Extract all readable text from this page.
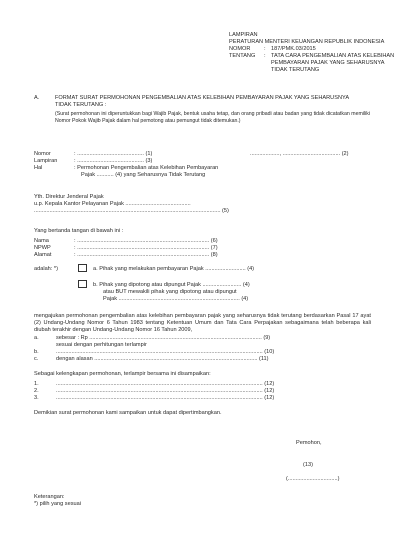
LAMPIRAN
PERATURAN MENTERI KEUANGAN REPUBLIK INDONESIA
NOMOR : 187/PMK.03/2015
TENTANG : TATA CARA PENGEMBALIAN ATAS KELEBIHAN
PEMBAYARAN PAJAK YANG SEHARUSNYA
TIDAK TERUTANG
A.	FORMAT SURAT PERMOHONAN PENGEMBALIAN ATAS KELEBIHAN PEMBAYARAN PAJAK YANG SEHARUSNYA
TIDAK TERUTANG :
(Surat permohonan ini diperuntukkan bagi Wajib Pajak, bentuk usaha tetap, dan orang pribadi atau badan yang tidak dicatatkan memiliki Nomor Pokok Wajib Pajak dalam hal pemotong atau pemungut tidak ditemukan.)
Nomor	: ........................................... (1)
Lampiran	: ........................................... (3)
Hal	: Permohonan Pengembalian atas Kelebihan Pembayaran
Pajak ........... (4) yang Seharusnya Tidak Terutang
..................., ..................................... (2)
Yth. Direktur Jenderal Pajak
u.p. Kepala Kantor Pelayanan Pajak ..........................................
........................................................................................................................ (5)
Yang bertanda tangan di bawah ini :
Nama	: ..................................................................................... (6)
NPWP	: ..................................................................................... (7)
Alamat	: ..................................................................................... (8)
adalah: *)	a. Pihak yang melakukan pembayaran Pajak .......................... (4)
b. Pihak yang dipotong atau dipungut Pajak ......................... (4)
atau BUT mewakili pihak yang dipotong atau dipungut
Pajak .............................................................................. (4)
mengajukan permohonan pengembalian atas kelebihan pembayaran pajak yang seharusnya tidak terutang berdasarkan Pasal 17 ayat (2) Undang-Undang Nomor 6 Tahun 1983 tentang Ketentuan Umum dan Tata Cara Perpajakan sebagaimana telah beberapa kali diubah terakhir dengan Undang-Undang Nomor 16 Tahun 2009,
a.	sebesar : Rp ............................................................................................................... (9)
sesuai dengan perhitungan terlampir
b.	..................................................................................................................................... (10)
c.	dengan alasan ......................................................................................................... (11)
Sebagai kelengkapan permohonan, terlampir bersama ini disampaikan:
1.	..................................................................................................................................... (12)
2.	..................................................................................................................................... (12)
3.	..................................................................................................................................... (12)
Demikian surat permohonan kami sampaikan untuk dapat dipertimbangkan.
Pemohon,
(13)
(................................)
Keterangan:
*) pilih yang sesuai
